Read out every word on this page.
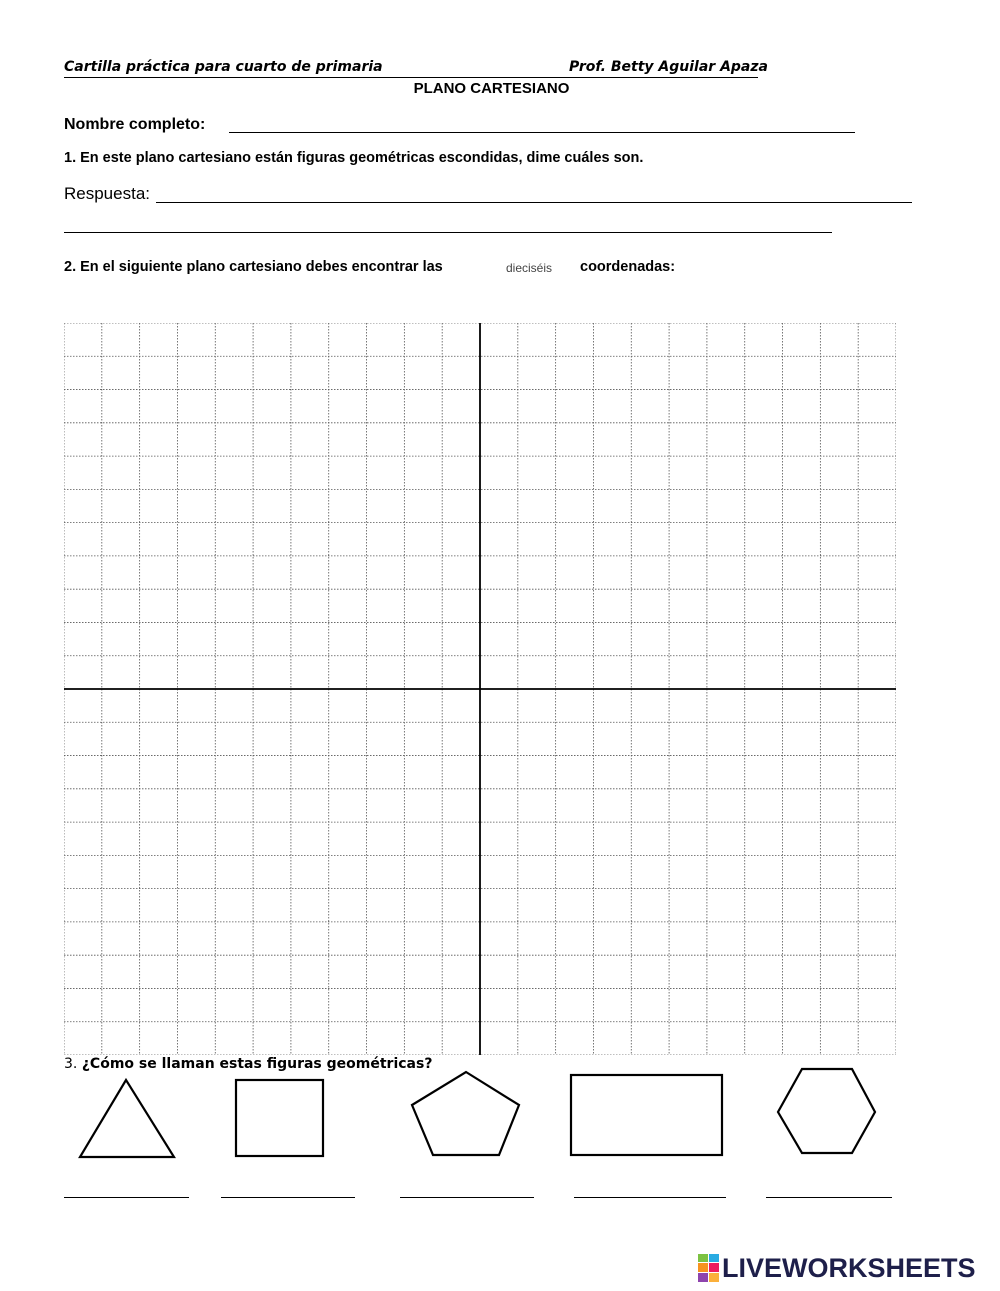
Cartilla práctica para cuarto de primaria	Prof. Betty Aguilar Apaza
PLANO CARTESIANO
Nombre completo:
1. En este plano cartesiano están figuras geométricas escondidas, dime cuáles son.
Respuesta:
2. En el siguiente plano cartesiano debes encontrar las	dieciséis coordenadas:
3. ¿Cómo se llaman estas figuras geométricas?
LIVEWORKSHEETS
